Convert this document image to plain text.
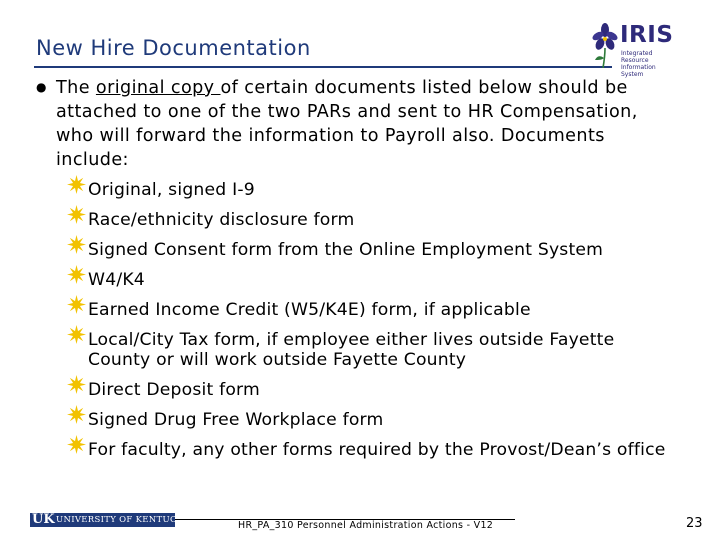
New Hire Documentation	IRIS
Integrated Resource Information System
● The original copy of certain documents listed below should be attached to one of the two PARs and sent to HR Compensation, who will forward the information to Payroll also. Documents include:

Original, signed I-9
Race/ethnicity disclosure form
Signed Consent form from the Online Employment System
W4/K4
Earned Income Credit (W5/K4E) form, if applicable
Local/City Tax form, if employee either lives outside Fayette County or will work outside Fayette County
Direct Deposit form
Signed Drug Free Workplace form
For faculty, any other forms required by the Provost/Dean’s office
UK UNIVERSITY OF KENTUCKY	HR_PA_310 Personnel Administration Actions - V12	23
